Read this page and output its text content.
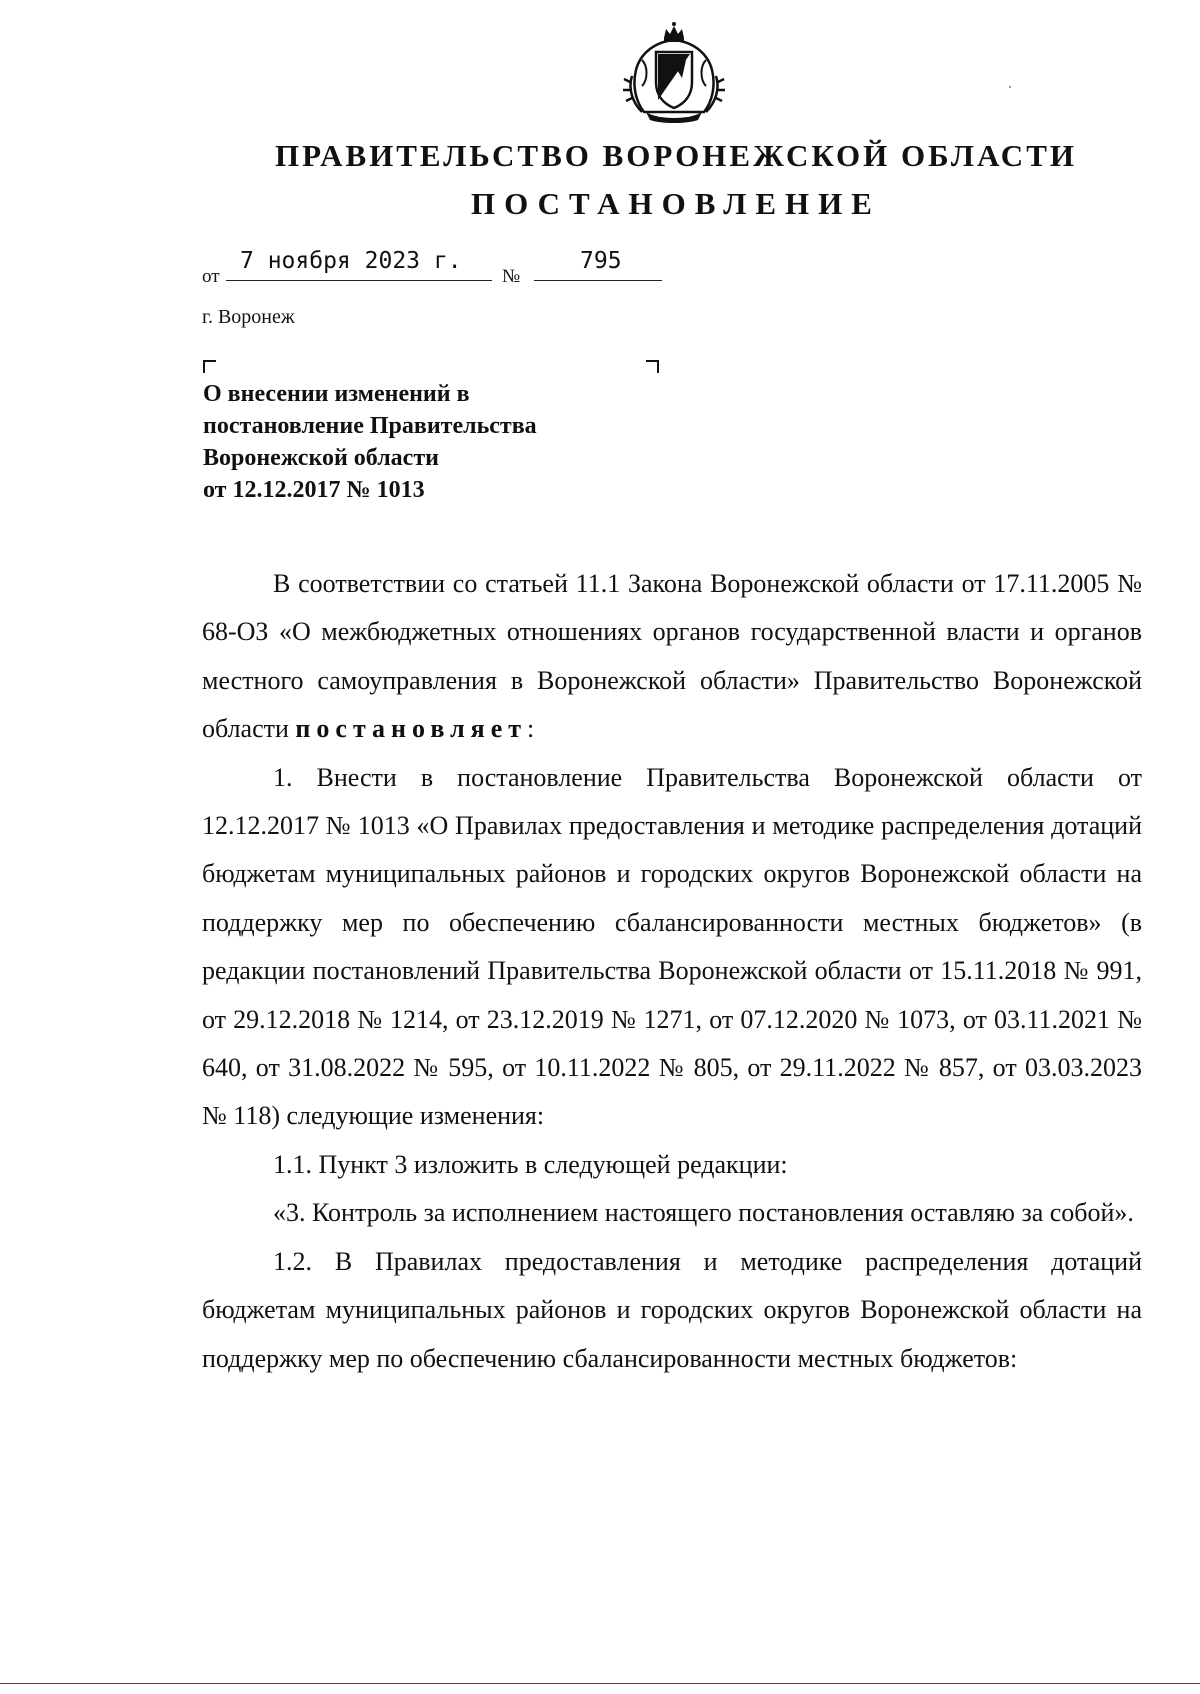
ПРАВИТЕЛЬСТВО ВОРОНЕЖСКОЙ ОБЛАСТИ
ПОСТАНОВЛЕНИЕ
от
7 ноября 2023 г.
№
795
г. Воронеж
О внесении изменений в
постановление Правительства
Воронежской области
от 12.12.2017 № 1013

В соответствии со статьей 11.1 Закона Воронежской области от 17.11.2005 № 68-ОЗ «О межбюджетных отношениях органов государственной власти и органов местного самоуправления в Воронежской области» Правительство Воронежской области постановляет:

1. Внести в постановление Правительства Воронежской области от 12.12.2017 № 1013 «О Правилах предоставления и методике распределения дотаций бюджетам муниципальных районов и городских округов Воронежской области на поддержку мер по обеспечению сбалансированности местных бюджетов» (в редакции постановлений Правительства Воронежской области от 15.11.2018 № 991, от 29.12.2018 № 1214, от 23.12.2019 № 1271, от 07.12.2020 № 1073, от 03.11.2021 № 640, от 31.08.2022 № 595, от 10.11.2022 № 805, от 29.11.2022 № 857, от 03.03.2023 № 118) следующие изменения:

1.1. Пункт 3 изложить в следующей редакции:

«3. Контроль за исполнением настоящего постановления оставляю за собой».

1.2. В Правилах предоставления и методике распределения дотаций бюджетам муниципальных районов и городских округов Воронежской области на поддержку мер по обеспечению сбалансированности местных бюджетов:
